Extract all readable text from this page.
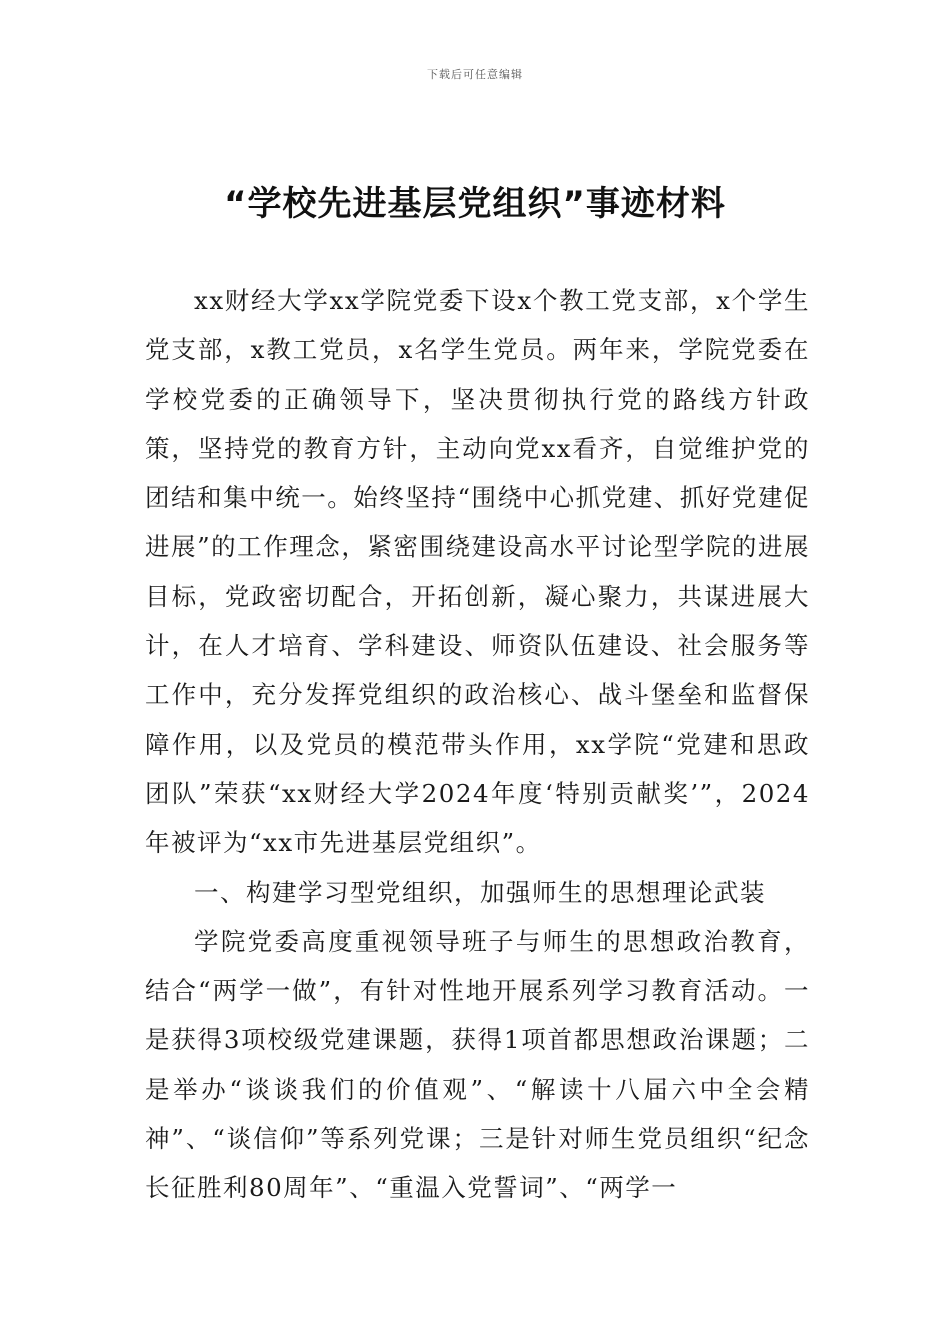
下载后可任意编辑
“学校先进基层党组织”事迹材料

xx财经大学xx学院党委下设x个教工党支部，x个学生党支部，x教工党员，x名学生党员。两年来，学院党委在学校党委的正确领导下，坚决贯彻执行党的路线方针政策，坚持党的教育方针，主动向党xx看齐，自觉维护党的团结和集中统一。始终坚持“围绕中心抓党建、抓好党建促进展”的工作理念，紧密围绕建设高水平讨论型学院的进展目标，党政密切配合，开拓创新，凝心聚力，共谋进展大计，在人才培育、学科建设、师资队伍建设、社会服务等工作中，充分发挥党组织的政治核心、战斗堡垒和监督保障作用，以及党员的模范带头作用，xx学院“党建和思政团队”荣获“xx财经大学2024年度‘特别贡献奖’”，2024年被评为“xx市先进基层党组织”。

一、构建学习型党组织，加强师生的思想理论武装

学院党委高度重视领导班子与师生的思想政治教育，结合“两学一做”，有针对性地开展系列学习教育活动。一是获得3项校级党建课题，获得1项首都思想政治课题；二是举办“谈谈我们的价值观”、“解读十八届六中全会精神”、“谈信仰”等系列党课；三是针对师生党员组织“纪念长征胜利80周年”、“重温入党誓词”、“两学一
